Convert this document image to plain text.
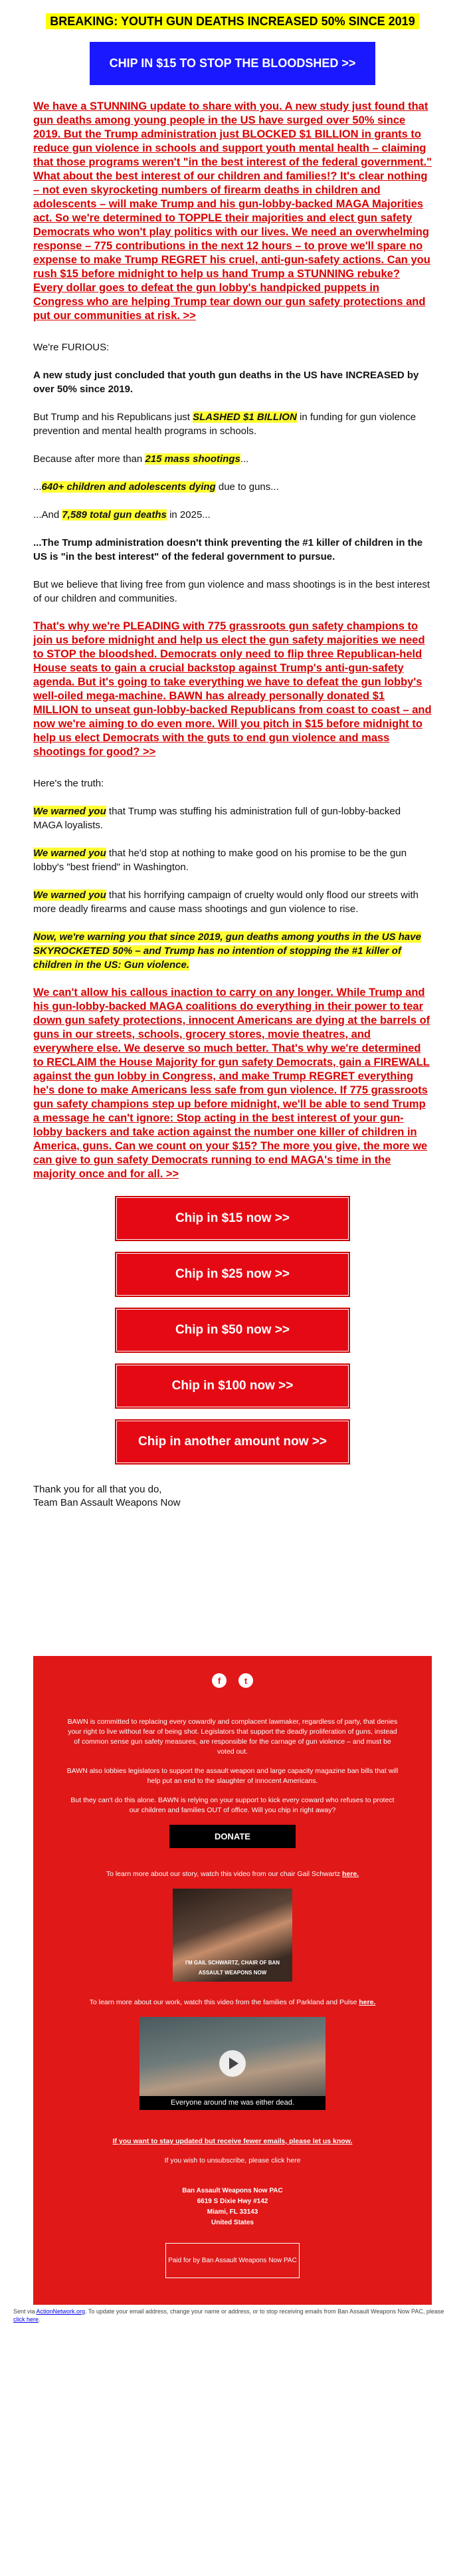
BREAKING: YOUTH GUN DEATHS INCREASED 50% SINCE 2019
CHIP IN $15 TO STOP THE BLOODSHED >>

We have a STUNNING update to share with you. A new study just found that gun deaths among young people in the US have surged over 50% since 2019. But the Trump administration just BLOCKED $1 BILLION in grants to reduce gun violence in schools and support youth mental health – claiming that those programs weren't "in the best interest of the federal government." What about the best interest of our children and families!? It's clear nothing – not even skyrocketing numbers of firearm deaths in children and adolescents – will make Trump and his gun-lobby-backed MAGA Majorities act. So we're determined to TOPPLE their majorities and elect gun safety Democrats who won't play politics with our lives. We need an overwhelming response – 775 contributions in the next 12 hours – to prove we'll spare no expense to make Trump REGRET his cruel, anti-gun-safety actions. Can you rush $15 before midnight to help us hand Trump a STUNNING rebuke? Every dollar goes to defeat the gun lobby's handpicked puppets in Congress who are helping Trump tear down our gun safety protections and put our communities at risk. >>

We're FURIOUS:

A new study just concluded that youth gun deaths in the US have INCREASED by over 50% since 2019.

But Trump and his Republicans just SLASHED $1 BILLION in funding for gun violence prevention and mental health programs in schools.

Because after more than 215 mass shootings...

...640+ children and adolescents dying due to guns...

...And 7,589 total gun deaths in 2025...

...The Trump administration doesn't think preventing the #1 killer of children in the US is "in the best interest" of the federal government to pursue.

But we believe that living free from gun violence and mass shootings is in the best interest of our children and communities.

That's why we're PLEADING with 775 grassroots gun safety champions to join us before midnight and help us elect the gun safety majorities we need to STOP the bloodshed. Democrats only need to flip three Republican-held House seats to gain a crucial backstop against Trump's anti-gun-safety agenda. But it's going to take everything we have to defeat the gun lobby's well-oiled mega-machine. BAWN has already personally donated $1 MILLION to unseat gun-lobby-backed Republicans from coast to coast – and now we're aiming to do even more. Will you pitch in $15 before midnight to help us elect Democrats with the guts to end gun violence and mass shootings for good? >>

Here's the truth:

We warned you that Trump was stuffing his administration full of gun-lobby-backed MAGA loyalists.

We warned you that he'd stop at nothing to make good on his promise to be the gun lobby's "best friend" in Washington.

We warned you that his horrifying campaign of cruelty would only flood our streets with more deadly firearms and cause mass shootings and gun violence to rise.

Now, we're warning you that since 2019, gun deaths among youths in the US have SKYROCKETED 50% – and Trump has no intention of stopping the #1 killer of children in the US: Gun violence.

We can't allow his callous inaction to carry on any longer. While Trump and his gun-lobby-backed MAGA coalitions do everything in their power to tear down gun safety protections, innocent Americans are dying at the barrels of guns in our streets, schools, grocery stores, movie theatres, and everywhere else. We deserve so much better. That's why we're determined to RECLAIM the House Majority for gun safety Democrats, gain a FIREWALL against the gun lobby in Congress, and make Trump REGRET everything he's done to make Americans less safe from gun violence. If 775 grassroots gun safety champions step up before midnight, we'll be able to send Trump a message he can't ignore: Stop acting in the best interest of your gun-lobby backers and take action against the number one killer of children in America, guns. Can we count on your $15? The more you give, the more we can give to gun safety Democrats running to end MAGA's time in the majority once and for all. >>

Chip in $15 now >>
Chip in $25 now >>
Chip in $50 now >>
Chip in $100 now >>
Chip in another amount now >>
Thank you for all that you do,
Team Ban Assault Weapons Now
f	t

BAWN is committed to replacing every cowardly and complacent lawmaker, regardless of party, that denies your right to live without fear of being shot. Legislators that support the deadly proliferation of guns, instead of common sense gun safety measures, are responsible for the carnage of gun violence – and must be voted out.

BAWN also lobbies legislators to support the assault weapon and large capacity magazine ban bills that will help put an end to the slaughter of innocent Americans.

But they can't do this alone. BAWN is relying on your support to kick every coward who refuses to protect our children and families OUT of office. Will you chip in right away?

DONATE

To learn more about our story, watch this video from our chair Gail Schwartz here.

I'M GAIL SCHWARTZ, CHAIR OF BAN ASSAULT WEAPONS NOW

To learn more about our work, watch this video from the families of Parkland and Pulse here.

Everyone around me was either dead.

If you want to stay updated but receive fewer emails, please let us know.

If you wish to unsubscribe, please click here

Ban Assault Weapons Now PAC
6619 S Dixie Hwy #142
Miami, FL 33143
United States
Paid for by Ban Assault Weapons Now PAC
Sent via ActionNetwork.org. To update your email address, change your name or address, or to stop receiving emails from Ban Assault Weapons Now PAC, please click here.
